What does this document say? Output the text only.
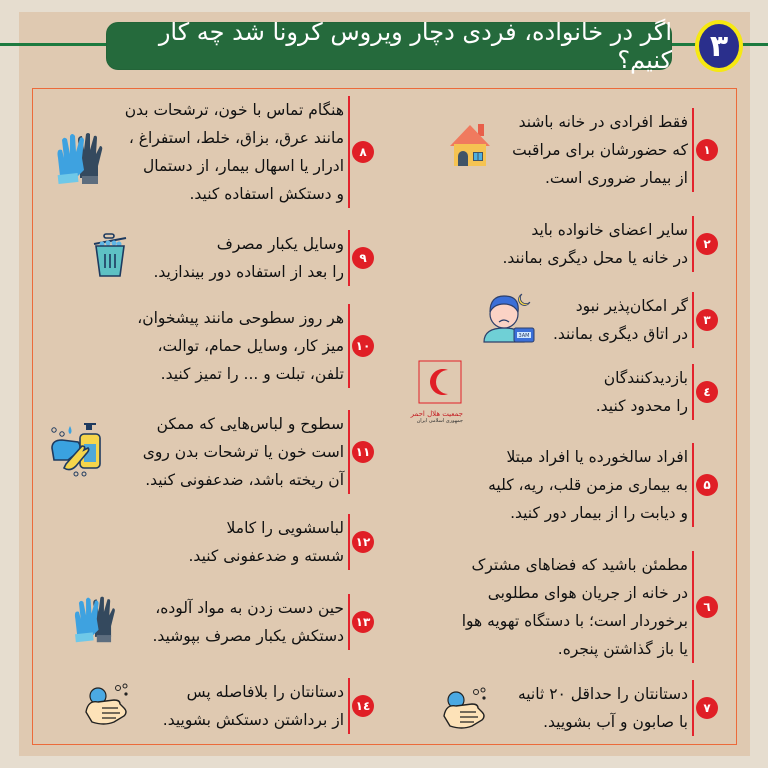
اگر در خانواده، فردی دچار ویروس کرونا شد چه کار کنیم؟ ۳
۱
فقط افرادی در خانه باشند
که حضورشان برای مراقبت
از بیمار ضروری است.
۲
سایر اعضای خانواده باید
در خانه یا محل دیگری بمانند.
۳
گر امکان‌پذیر نبود
در اتاق دیگری بمانند.
3AM
٤
بازدیدکنندگان
را محدود کنید.
جمعیت هلال احمر
جمهوری اسلامی ایران
۵
افراد سالخورده یا افراد مبتلا
به بیماری مزمن قلب، ریه، کلیه
و دیابت را از بیمار دور کنید.
٦
مطمئن باشید که فضاهای مشترک
در خانه از جریان هوای مطلوبی
برخوردار است؛ با دستگاه تهویه هوا
یا باز گذاشتن پنجره.
۷
دستانتان را حداقل ۲۰ ثانیه
با صابون و آب بشویید.
۸
هنگام تماس با خون، ترشحات بدن
مانند عرق، بزاق، خلط، استفراغ ،
ادرار یا اسهال بیمار، از دستمال
و دستکش استفاده کنید.
۹
وسایل یکبار مصرف
را بعد از استفاده دور بیندازید.
۱۰
هر روز سطوحی مانند پیشخوان،
میز کار، وسایل حمام، توالت،
تلفن، تبلت و ... را تمیز کنید.
۱۱
سطوح و لباس‌هایی که ممکن
است خون یا ترشحات بدن روی
آن ریخته باشد، ضدعفونی کنید.
۱۲
لباسشویی را کاملا
شسته و ضدعفونی کنید.
۱۳
حین دست زدن به مواد آلوده،
دستکش یکبار مصرف بپوشید.
۱٤
دستانتان را بلافاصله پس
از برداشتن دستکش بشویید.
